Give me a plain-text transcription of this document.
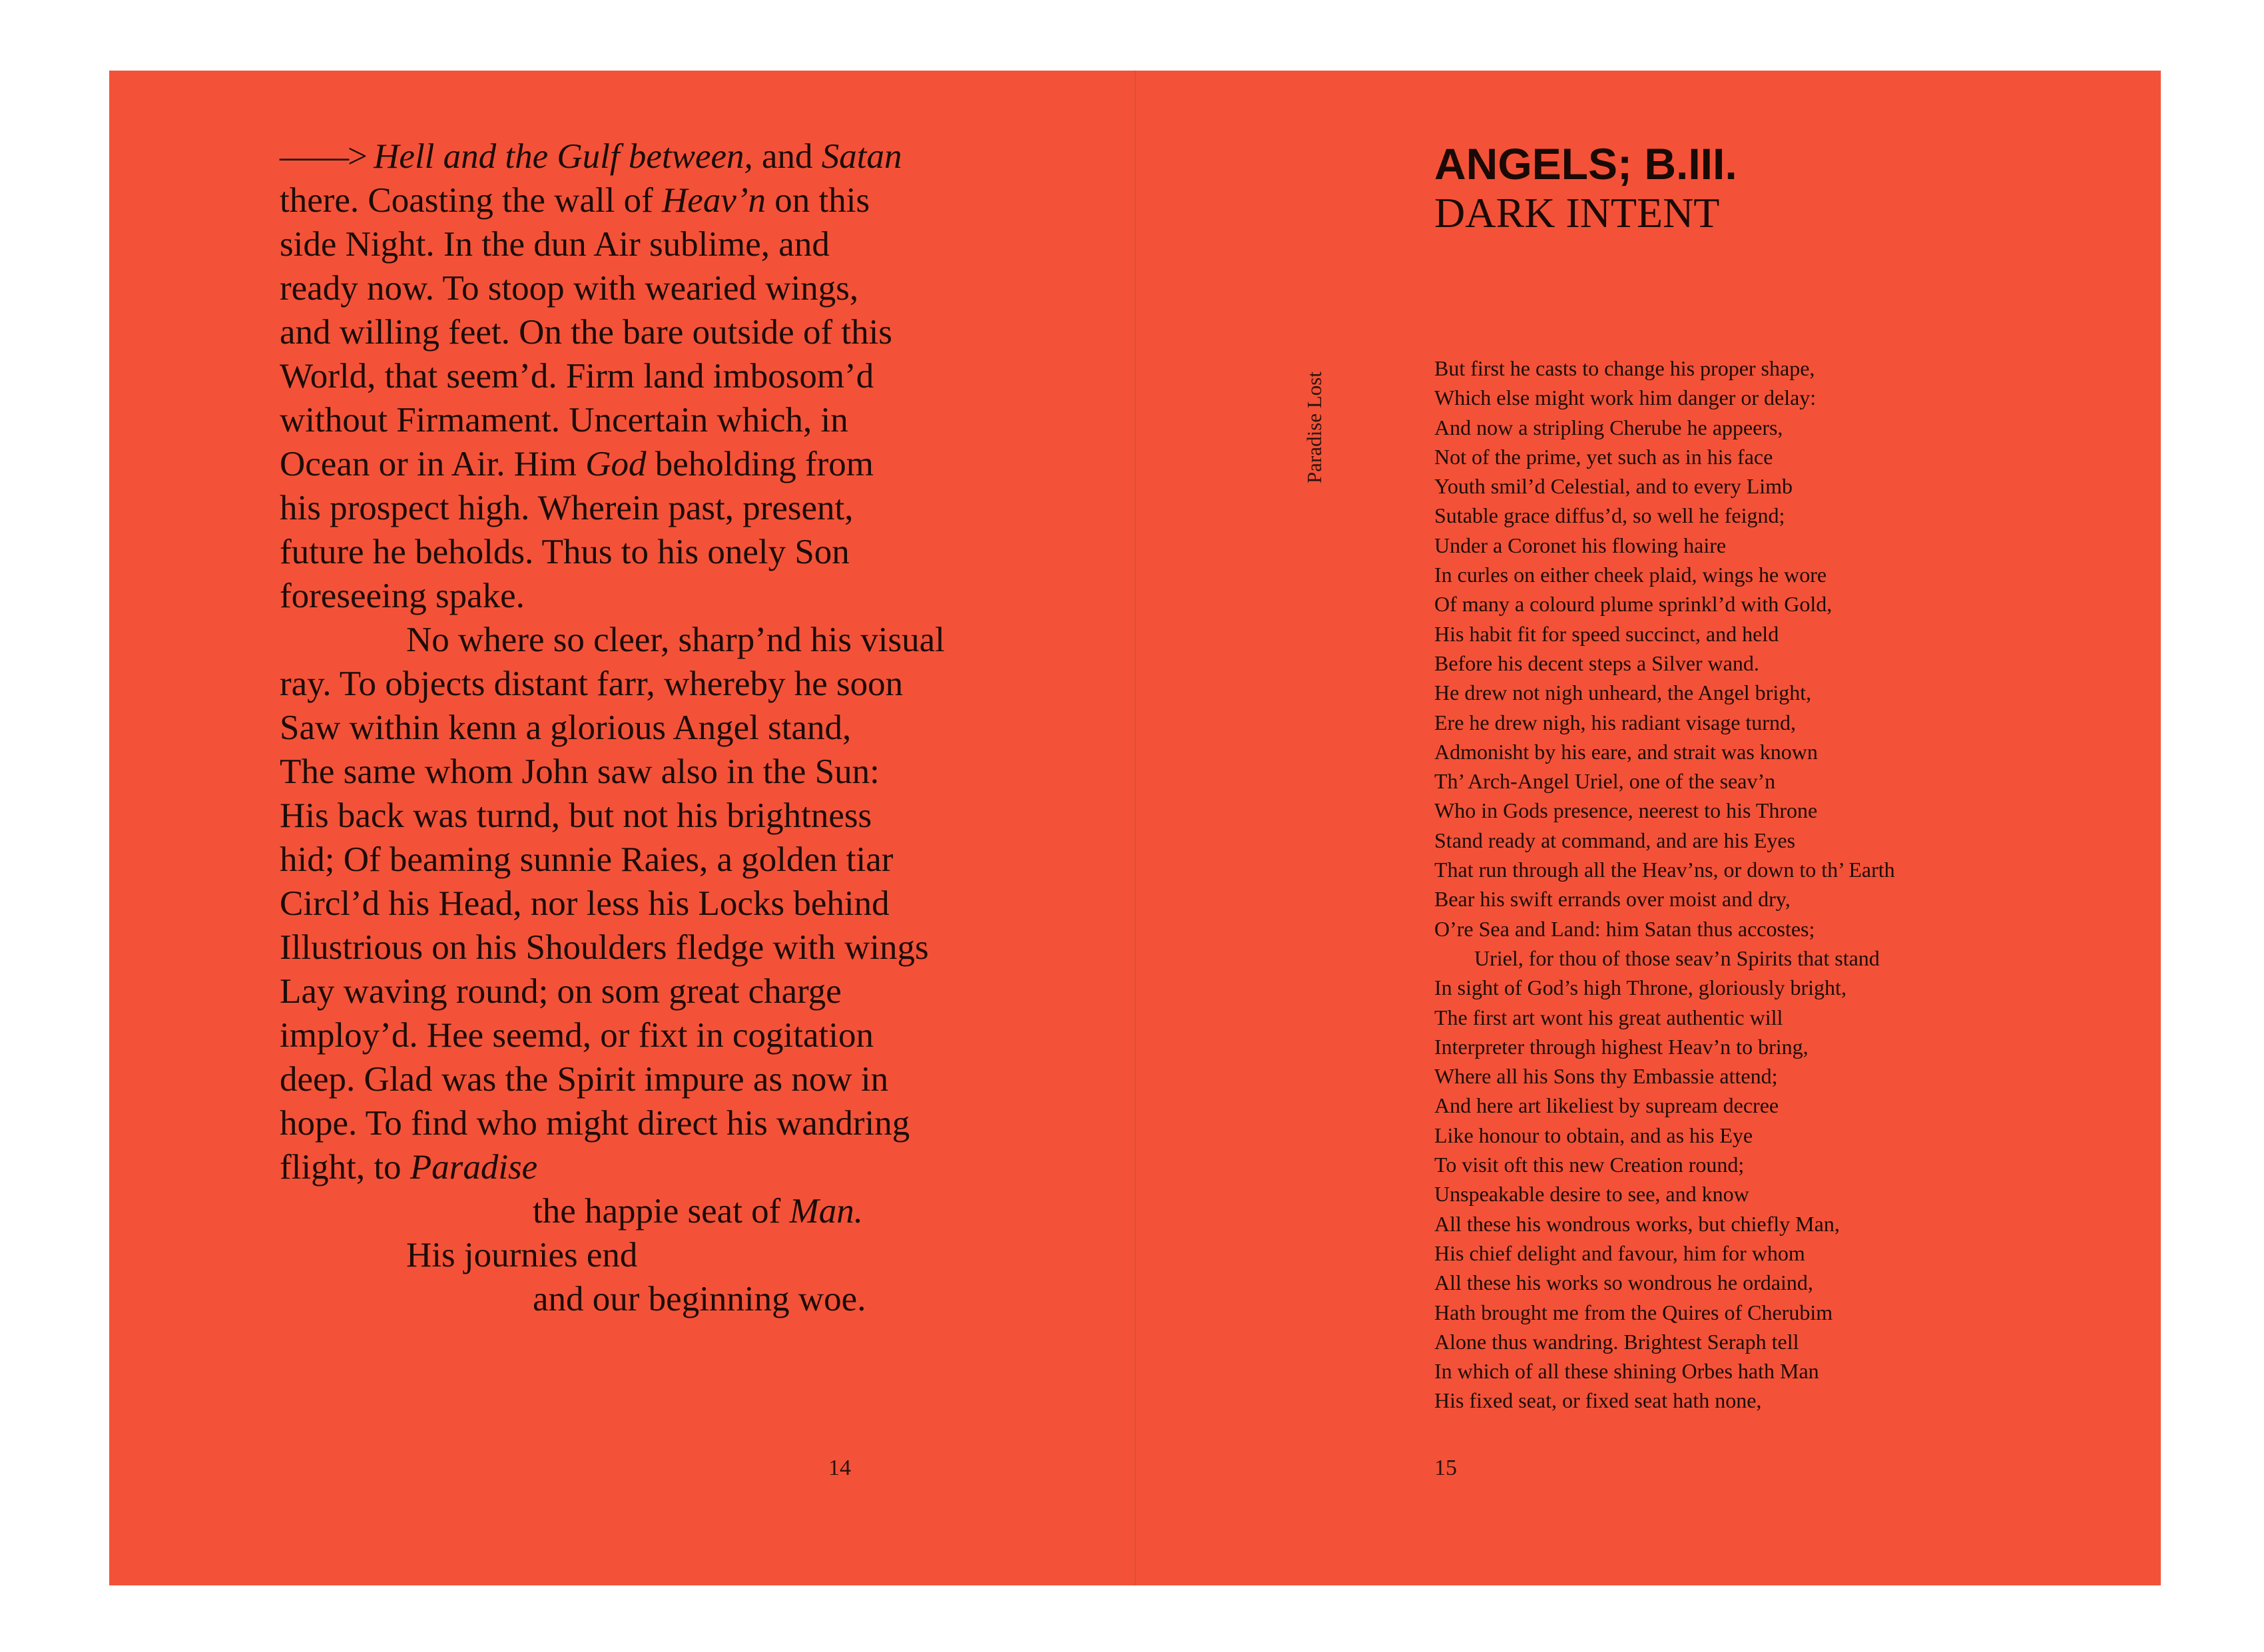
——> Hell and the Gulf between, and Satan
there. Coasting the wall of Heav’n on this
side Night. In the dun Air sublime, and
ready now. To stoop with wearied wings,
and willing feet. On the bare outside of this
World, that seem’d. Firm land imbosom’d
without Firmament. Uncertain which, in
Ocean or in Air. Him God beholding from
his prospect high. Wherein past, present,
future he beholds. Thus to his onely Son
foreseeing spake.
No where so cleer, sharp’nd his visual
ray. To objects distant farr, whereby he soon
Saw within kenn a glorious Angel stand,
The same whom John saw also in the Sun:
His back was turnd, but not his brightness
hid; Of beaming sunnie Raies, a golden tiar
Circl’d his Head, nor less his Locks behind
Illustrious on his Shoulders fledge with wings
Lay waving round; on som great charge
imploy’d. Hee seemd, or fixt in cogitation
deep. Glad was the Spirit impure as now in
hope. To find who might direct his wandring
flight, to Paradise
the happie seat of Man.
His journies end
and our beginning woe.
14
ANGELS; B.III.
DARK INTENT
Paradise Lost
But first he casts to change his proper shape,
Which else might work him danger or delay:
And now a stripling Cherube he appeers,
Not of the prime, yet such as in his face
Youth smil’d Celestial, and to every Limb
Sutable grace diffus’d, so well he feignd;
Under a Coronet his flowing haire
In curles on either cheek plaid, wings he wore
Of many a colourd plume sprinkl’d with Gold,
His habit fit for speed succinct, and held
Before his decent steps a Silver wand.
He drew not nigh unheard, the Angel bright,
Ere he drew nigh, his radiant visage turnd,
Admonisht by his eare, and strait was known
Th’ Arch-Angel Uriel, one of the seav’n
Who in Gods presence, neerest to his Throne
Stand ready at command, and are his Eyes
That run through all the Heav’ns, or down to th’ Earth
Bear his swift errands over moist and dry,
O’re Sea and Land: him Satan thus accostes;
Uriel, for thou of those seav’n Spirits that stand
In sight of God’s high Throne, gloriously bright,
The first art wont his great authentic will
Interpreter through highest Heav’n to bring,
Where all his Sons thy Embassie attend;
And here art likeliest by supream decree
Like honour to obtain, and as his Eye
To visit oft this new Creation round;
Unspeakable desire to see, and know
All these his wondrous works, but chiefly Man,
His chief delight and favour, him for whom
All these his works so wondrous he ordaind,
Hath brought me from the Quires of Cherubim
Alone thus wandring. Brightest Seraph tell
In which of all these shining Orbes hath Man
His fixed seat, or fixed seat hath none,
15
